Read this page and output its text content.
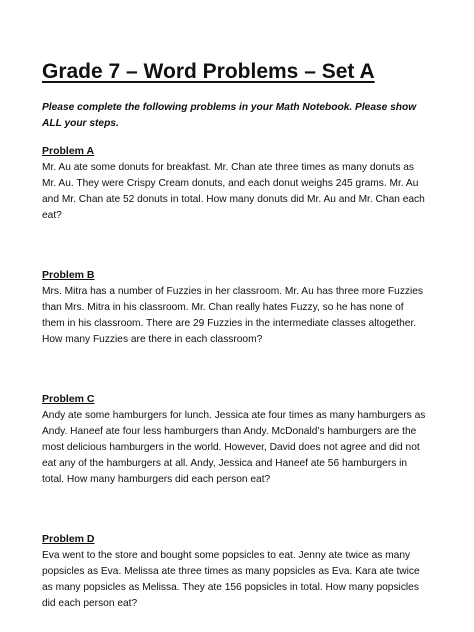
Grade 7 – Word Problems – Set A

Please complete the following problems in your Math Notebook. Please show ALL your steps.

Problem A

Mr. Au ate some donuts for breakfast. Mr. Chan ate three times as many donuts as Mr. Au. They were Crispy Cream donuts, and each donut weighs 245 grams. Mr. Au and Mr. Chan ate 52 donuts in total. How many donuts did Mr. Au and Mr. Chan each eat?

Problem B

Mrs. Mitra has a number of Fuzzies in her classroom. Mr. Au has three more Fuzzies than Mrs. Mitra in his classroom. Mr. Chan really hates Fuzzy, so he has none of them in his classroom. There are 29 Fuzzies in the intermediate classes altogether. How many Fuzzies are there in each classroom?

Problem C

Andy ate some hamburgers for lunch. Jessica ate four times as many hamburgers as Andy. Haneef ate four less hamburgers than Andy. McDonald’s hamburgers are the most delicious hamburgers in the world. However, David does not agree and did not eat any of the hamburgers at all. Andy, Jessica and Haneef ate 56 hamburgers in total. How many hamburgers did each person eat?

Problem D

Eva went to the store and bought some popsicles to eat. Jenny ate twice as many popsicles as Eva. Melissa ate three times as many popsicles as Eva. Kara ate twice as many popsicles as Melissa. They ate 156 popsicles in total. How many popsicles did each person eat?
